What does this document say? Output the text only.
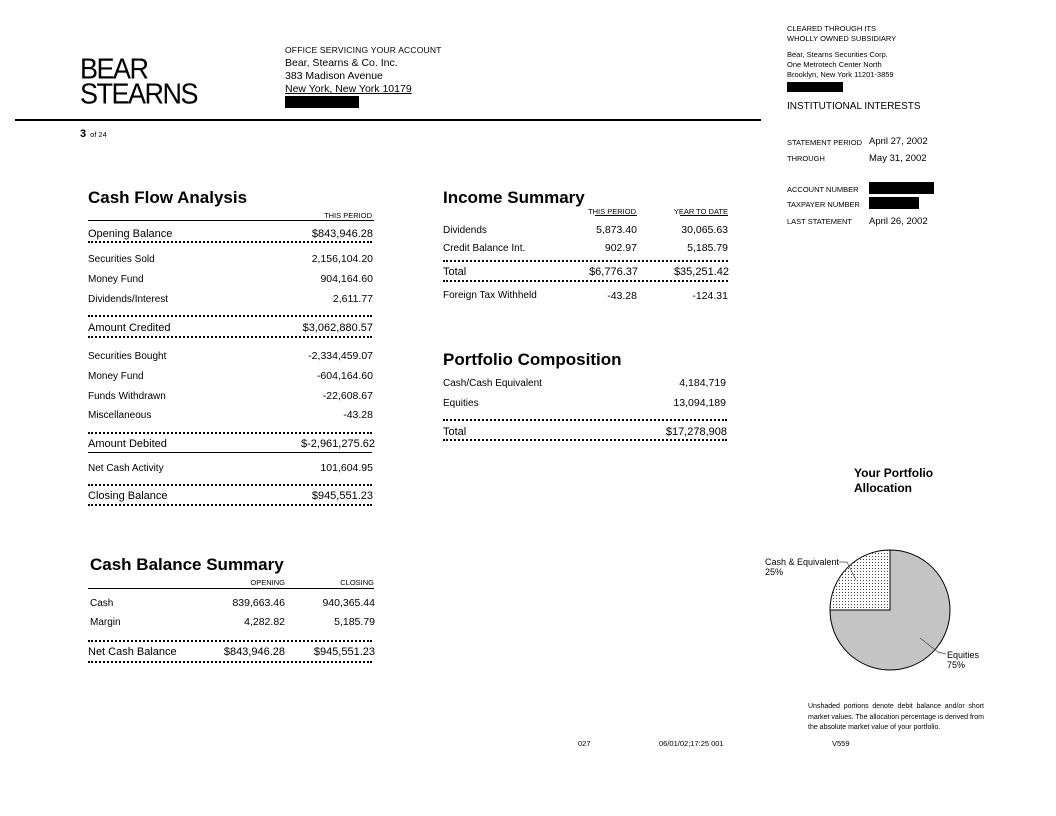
BEAR
STEARNS
OFFICE SERVICING YOUR ACCOUNT
Bear, Stearns & Co. Inc.
383 Madison Avenue
New York, New York 10179
3 of 24
CLEARED THROUGH ITS
WHOLLY OWNED SUBSIDIARY
Bear, Stearns Securities Corp.
One Metrotech Center North
Brooklyn, New York 11201-3859
INSTITUTIONAL INTERESTS
STATEMENT PERIOD April 27, 2002
THROUGH	May 31, 2002
ACCOUNT NUMBER
TAXPAYER NUMBER
LAST STATEMENT April 26, 2002
Cash Flow Analysis
THIS PERIOD
Opening Balance	$843,946.28
Securities Sold	2,156,104.20
Money Fund	904,164.60
Dividends/Interest	2,611.77
Amount Credited	$3,062,880.57
Securities Bought	-2,334,459.07
Money Fund	-604,164.60
Funds Withdrawn	-22,608.67
Miscellaneous	-43.28
Amount Debited	$-2,961,275.62
Net Cash Activity	101,604.95
Closing Balance	$945,551.23
Income Summary
THIS PERIOD	YEAR TO DATE
Dividends	5,873.40	30,065.63
Credit Balance Int.	902.97	5,185.79
Total	$6,776.37	$35,251.42
Foreign Tax Withheld	-43.28	-124.31
Portfolio Composition
Cash/Cash Equivalent	4,184,719
Equities	13,094,189
Total	$17,278,908
Cash Balance Summary
OPENING	CLOSING
Cash	839,663.46	940,365.44
Margin	4,282.82	5,185.79
Net Cash Balance	$843,946.28	$945,551.23
Your Portfolio
Allocation
Cash & Equivalent
25%
Equities
75%
Unshaded portions denote debit balance and/or short market values. The allocation percentage is derived from the absolute market value of your portfolio.
027	06/01/02;17:25 001	V559
